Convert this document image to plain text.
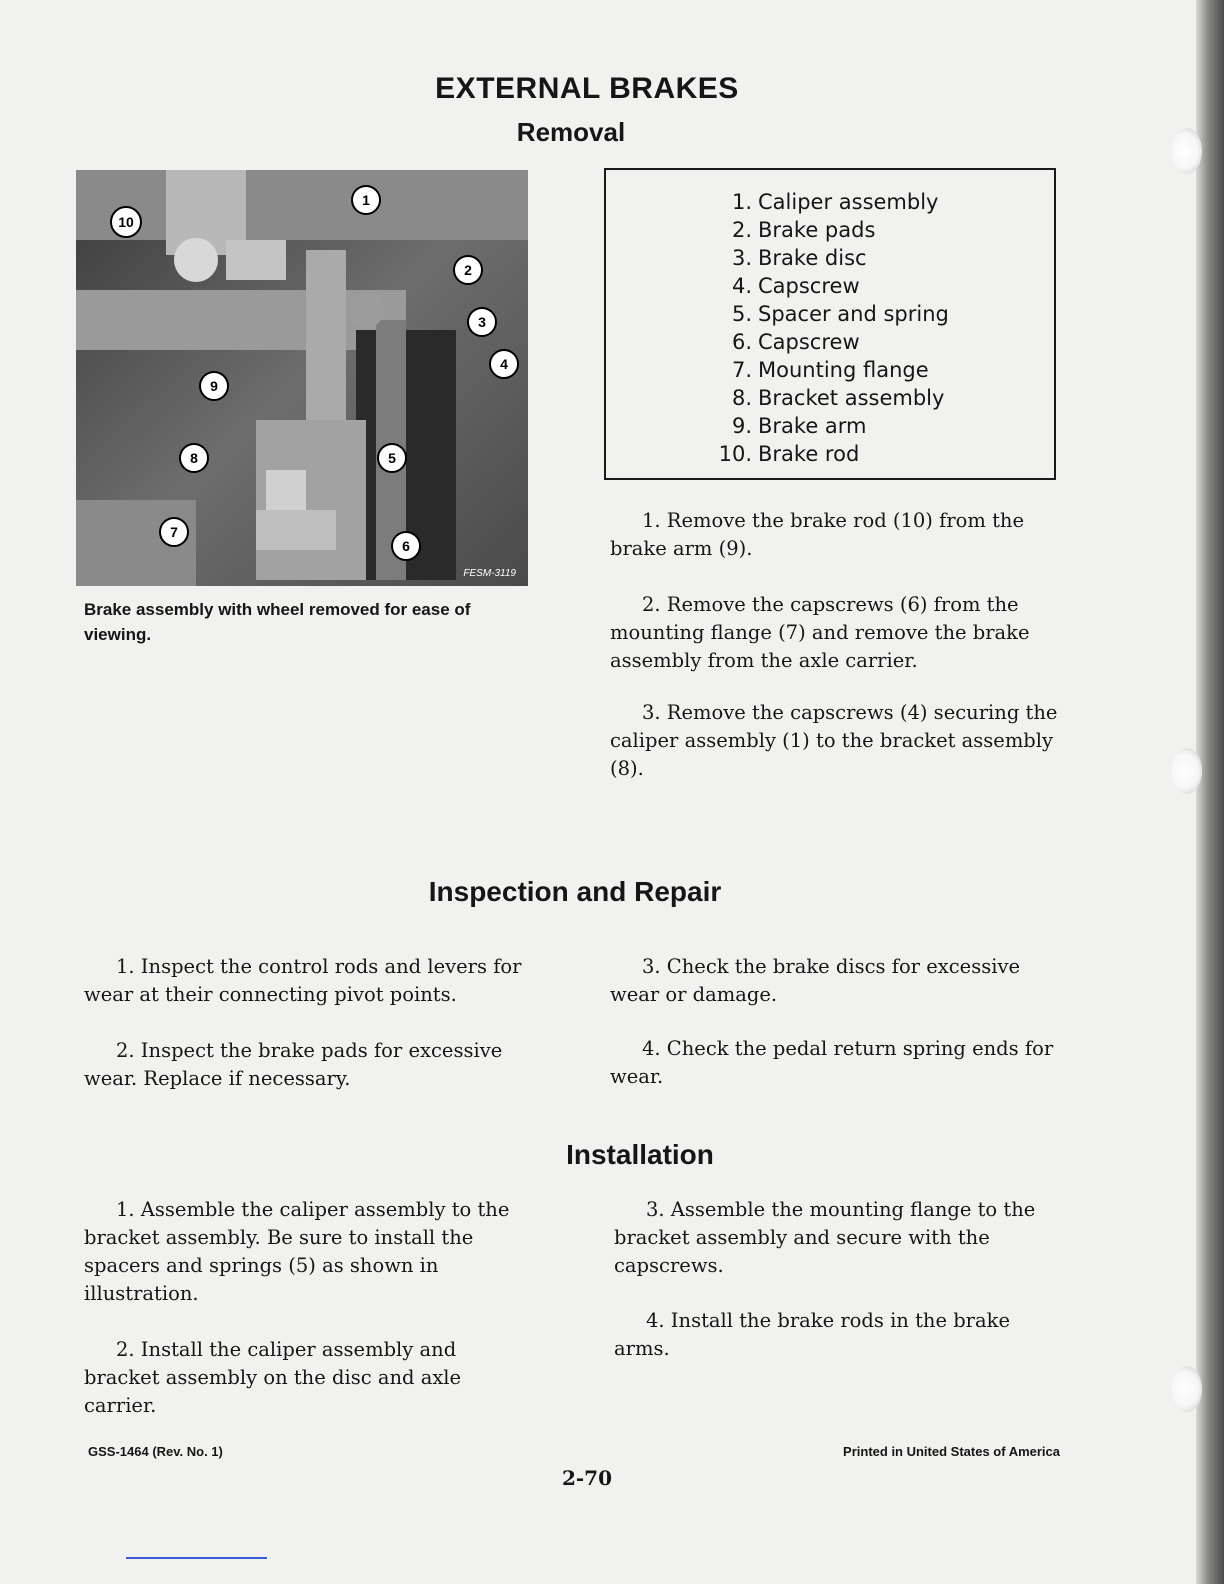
EXTERNAL BRAKES
Removal
1
2
3
4
5
6
7
8
9
10
FESM-3119
Brake assembly with wheel removed for ease of viewing.
1. Caliper assembly
2. Brake pads
3. Brake disc
4. Capscrew
5. Spacer and spring
6. Capscrew
7. Mounting flange
8. Bracket assembly
9. Brake arm
10. Brake rod
1. Remove the brake rod (10) from the brake arm (9).
2. Remove the capscrews (6) from the mounting flange (7) and remove the brake assembly from the axle carrier.
3. Remove the capscrews (4) securing the caliper assembly (1) to the bracket assembly (8).
Inspection and Repair
1. Inspect the control rods and levers for wear at their connecting pivot points.
2. Inspect the brake pads for excessive wear. Replace if necessary.
3. Check the brake discs for excessive wear or damage.
4. Check the pedal return spring ends for wear.
Installation
1. Assemble the caliper assembly to the bracket assembly. Be sure to install the spacers and springs (5) as shown in illustration.
2. Install the caliper assembly and bracket assembly on the disc and axle carrier.
3. Assemble the mounting flange to the bracket assembly and secure with the capscrews.
4. Install the brake rods in the brake arms.
GSS-1464 (Rev. No. 1)	Printed in United States of America
2-70
